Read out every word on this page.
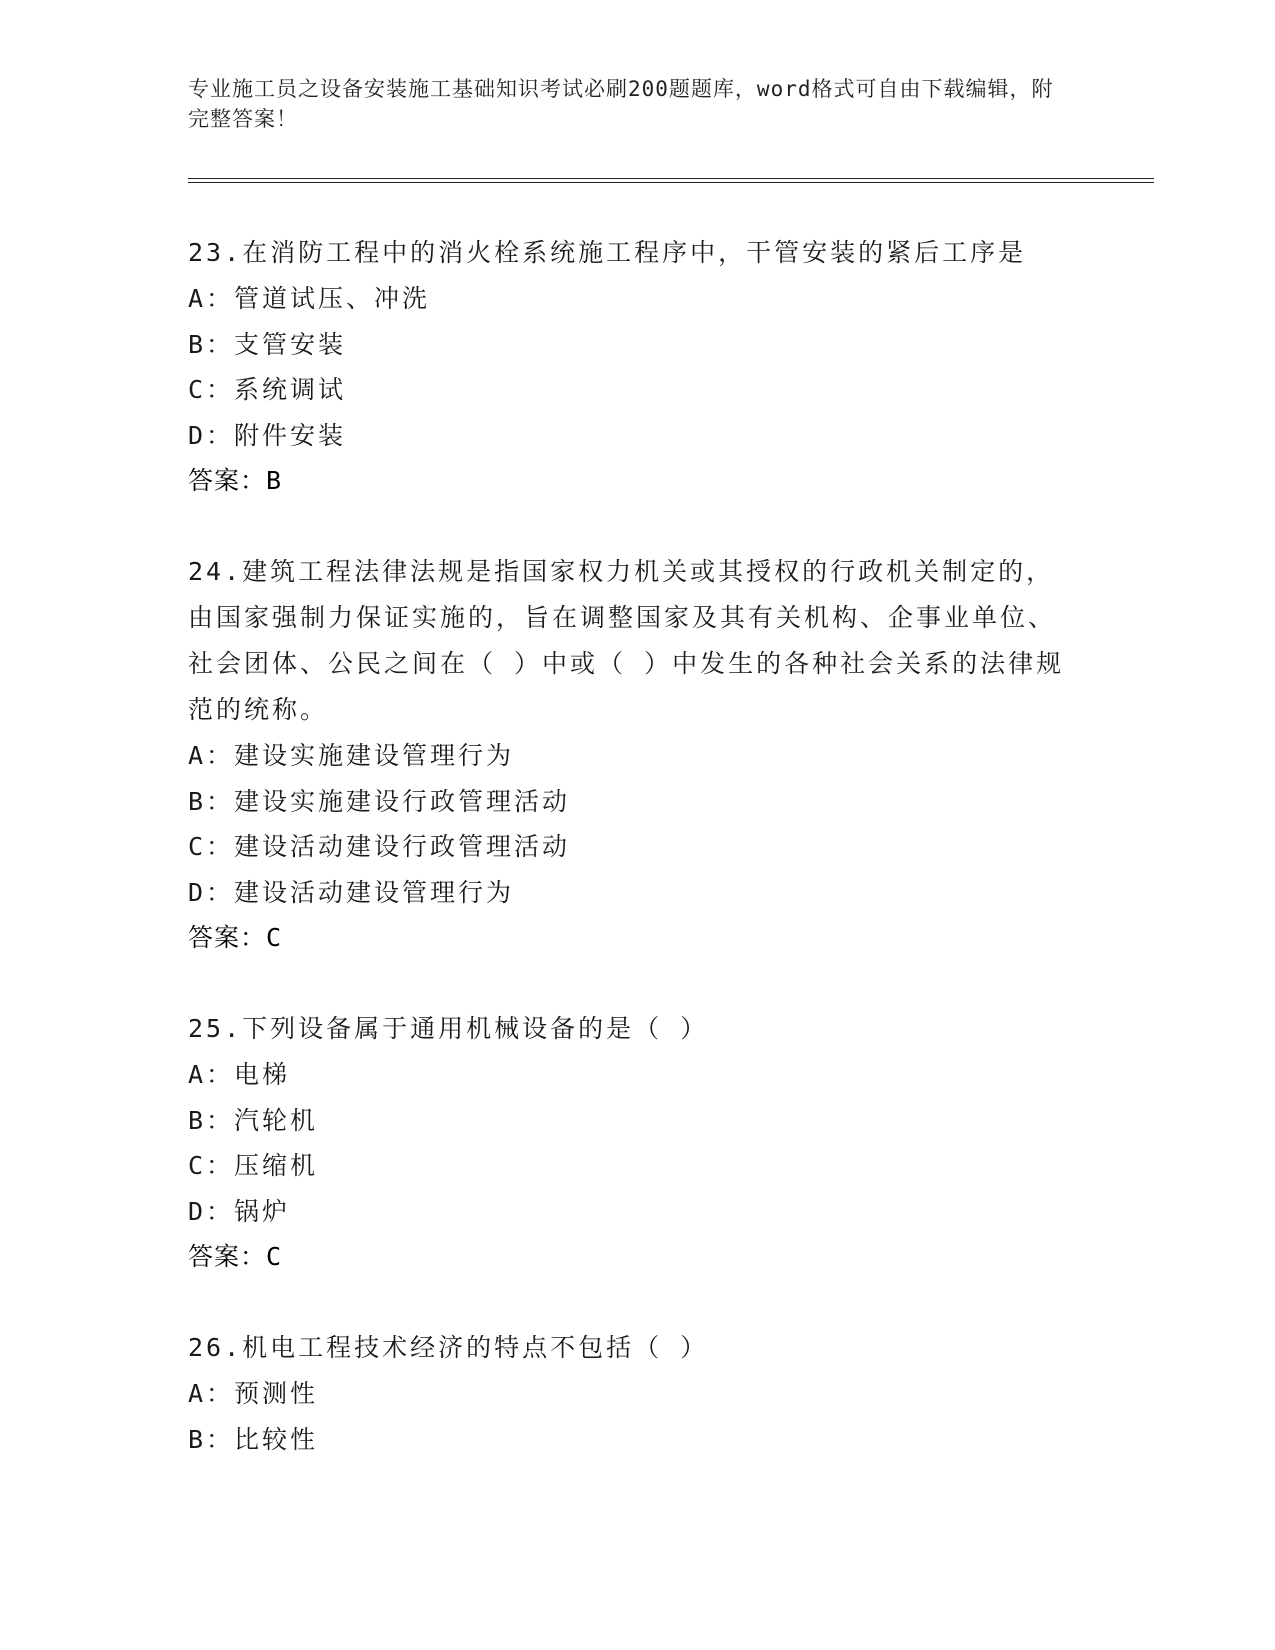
专业施工员之设备安装施工基础知识考试必刷200题题库，word格式可自由下载编辑，附完整答案！
23.在消防工程中的消火栓系统施工程序中，干管安装的紧后工序是
A：管道试压、冲洗
B：支管安装
C：系统调试
D：附件安装
答案：B
24.建筑工程法律法规是指国家权力机关或其授权的行政机关制定的，由国家强制力保证实施的，旨在调整国家及其有关机构、企事业单位、社会团体、公民之间在（ ）中或（ ）中发生的各种社会关系的法律规范的统称。
A：建设实施建设管理行为
B：建设实施建设行政管理活动
C：建设活动建设行政管理活动
D：建设活动建设管理行为
答案：C
25.下列设备属于通用机械设备的是（ ）
A：电梯
B：汽轮机
C：压缩机
D：锅炉
答案：C
26.机电工程技术经济的特点不包括（ ）
A：预测性
B：比较性
